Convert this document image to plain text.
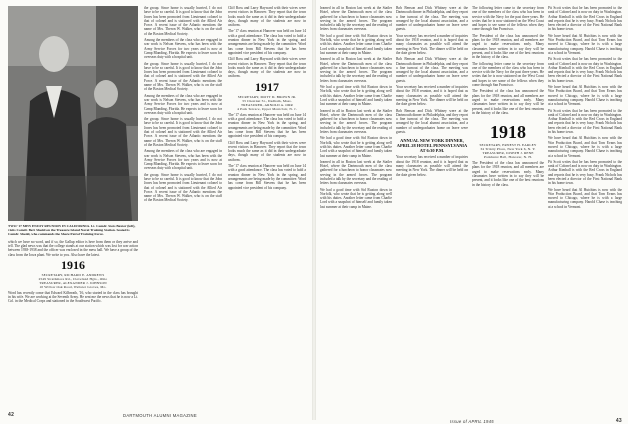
TWO '17 MEN ENJOY REUNION IN CALIFORNIA. Lt. Comdr. Stets Baxter (left), visits Comdr. Bert Shedd on the Treasure Island Naval Training Station. Seated is Comdr. Shedd, who commands the Shore Patrol Training Force.

which we have no word, and if so, the Gallup editor is here from them or they arrive and tell. The glad news was that the college stands at our station which was lost for war action between 1938-1938 and the officer was enclosed in the mess hall. We have a group of the class from the Iowa plant. We write to you. Also have the latest.

1916

SECRETARY, RICHARD E. ANDREWS

2549 Strathmore Rd., Cleveland Hgts., Ohio

TREASURER, ALEXANDER J. JOHNSON

10 Willow Oak Road, Webster Groves, Mo.

Word has recently come that Edward Kilbreath, '16, who started in the class has brought in his wife. We are working at the Seventh Army. He sent me the news that he is now a Lt. Col. in the Medical Corps and stationed in the Southwest Pacific.

the group. Since home is usually hurried, I do not have to be so careful. It is good to know that the John Jones has been promoted from Lieutenant colonel to that of colonel and is stationed with the Allied Air Force. A recent issue of the Atlantic mentions the name of Mrs. Theron W. Walker, who is on the staff of the Boston Medical Society.

Among the members of the class who are engaged in war work is Nelson Stevens, who has been with the Army Service Forces for two years and is now at Camp Blanding, Florida. He expects to leave soon for overseas duty with a hospital unit.

the group. Since home is usually hurried, I do not have to be so careful. It is good to know that the John Jones has been promoted from Lieutenant colonel to that of colonel and is stationed with the Allied Air Force. A recent issue of the Atlantic mentions the name of Mrs. Theron W. Walker, who is on the staff of the Boston Medical Society.

Among the members of the class who are engaged in war work is Nelson Stevens, who has been with the Army Service Forces for two years and is now at Camp Blanding, Florida. He expects to leave soon for overseas duty with a hospital unit.

the group. Since home is usually hurried, I do not have to be so careful. It is good to know that the John Jones has been promoted from Lieutenant colonel to that of colonel and is stationed with the Allied Air Force. A recent issue of the Atlantic mentions the name of Mrs. Theron W. Walker, who is on the staff of the Boston Medical Society.

Among the members of the class who are engaged in war work is Nelson Stevens, who has been with the Army Service Forces for two years and is now at Camp Blanding, Florida. He expects to leave soon for overseas duty with a hospital unit.

the group. Since home is usually hurried, I do not have to be so careful. It is good to know that the John Jones has been promoted from Lieutenant colonel to that of colonel and is stationed with the Allied Air Force. A recent issue of the Atlantic mentions the name of Mrs. Theron W. Walker, who is on the staff of the Boston Medical Society.

Cliff Ross and Larry Hayward with their wives were recent visitors in Hanover. They report that the town looks much the same as it did in their undergraduate days, though many of the students are now in uniform.

The '17 class reunion at Hanover was held on June 14 with a good attendance. The class has voted to hold a reunion dinner in New York in the spring, and arrangements are being made by the committee. Word has come from Bill Stevens that he has been appointed vice president of his company.

Cliff Ross and Larry Hayward with their wives were recent visitors in Hanover. They report that the town looks much the same as it did in their undergraduate days, though many of the students are now in uniform.

1917

SECRETARY, MOTT D. BROWN JR.

33 Chestnut St., Dedham, Mass.

TREASURER, ARNOLD A. ORR

4 Park Terrace, Upper Montclair, N. J.

The '17 class reunion at Hanover was held on June 14 with a good attendance. The class has voted to hold a reunion dinner in New York in the spring, and arrangements are being made by the committee. Word has come from Bill Stevens that he has been appointed vice president of his company.

Cliff Ross and Larry Hayward with their wives were recent visitors in Hanover. They report that the town looks much the same as it did in their undergraduate days, though many of the students are now in uniform.

The '17 class reunion at Hanover was held on June 14 with a good attendance. The class has voted to hold a reunion dinner in New York in the spring, and arrangements are being made by the committee. Word has come from Bill Stevens that he has been appointed vice president of his company.

42	DARTMOUTH ALUMNI MAGAZINE

learned in all in Boston last week at the Statler Hotel, where the Dartmouth men of the class gathered for a luncheon to honor classmates now serving in the armed forces. The program included a talk by the secretary and the reading of letters from classmates overseas.

We had a good time with Sid Ruxton down in Norfolk, who wrote that he is getting along well with his duties. Another letter came from Charlie Lord with a snapshot of himself and family taken last summer at their camp in Maine.

learned in all in Boston last week at the Statler Hotel, where the Dartmouth men of the class gathered for a luncheon to honor classmates now serving in the armed forces. The program included a talk by the secretary and the reading of letters from classmates overseas.

We had a good time with Sid Ruxton down in Norfolk, who wrote that he is getting along well with his duties. Another letter came from Charlie Lord with a snapshot of himself and family taken last summer at their camp in Maine.

learned in all in Boston last week at the Statler Hotel, where the Dartmouth men of the class gathered for a luncheon to honor classmates now serving in the armed forces. The program included a talk by the secretary and the reading of letters from classmates overseas.

We had a good time with Sid Ruxton down in Norfolk, who wrote that he is getting along well with his duties. Another letter came from Charlie Lord with a snapshot of himself and family taken last summer at their camp in Maine.

learned in all in Boston last week at the Statler Hotel, where the Dartmouth men of the class gathered for a luncheon to honor classmates now serving in the armed forces. The program included a talk by the secretary and the reading of letters from classmates overseas.

We had a good time with Sid Ruxton down in Norfolk, who wrote that he is getting along well with his duties. Another letter came from Charlie Lord with a snapshot of himself and family taken last summer at their camp in Maine.

Bob Benson and Dick Whitney were at the Dartmouth dinner in Philadelphia, and they report a fine turnout of the class. The meeting was arranged by the local alumni association, and a number of undergraduates home on leave were guests.

Your secretary has received a number of inquiries about the 1918 reunion, and it is hoped that as many classmates as possible will attend the meeting in New York. The dinner will be held on the date given below.

Bob Benson and Dick Whitney were at the Dartmouth dinner in Philadelphia, and they report a fine turnout of the class. The meeting was arranged by the local alumni association, and a number of undergraduates home on leave were guests.

Your secretary has received a number of inquiries about the 1918 reunion, and it is hoped that as many classmates as possible will attend the meeting in New York. The dinner will be held on the date given below.

Bob Benson and Dick Whitney were at the Dartmouth dinner in Philadelphia, and they report a fine turnout of the class. The meeting was arranged by the local alumni association, and a number of undergraduates home on leave were guests.

ANNUAL NEW YORK DINNER, APRIL 28 HOTEL PENNSYLVANIA AT 6:30 P.M.

Your secretary has received a number of inquiries about the 1918 reunion, and it is hoped that as many classmates as possible will attend the meeting in New York. The dinner will be held on the date given below.

The following letter came to the secretary from one of the members of the class who has been in service with the Navy for the past three years. He writes that he is now stationed on the West Coast and hopes to see some of the fellows when they come through San Francisco.

The President of the class has announced the plans for the 1918 reunion, and all members are urged to make reservations early. Many classmates have written in to say they will be present, and it looks like one of the best reunions in the history of the class.

The following letter came to the secretary from one of the members of the class who has been in service with the Navy for the past three years. He writes that he is now stationed on the West Coast and hopes to see some of the fellows when they come through San Francisco.

The President of the class has announced the plans for the 1918 reunion, and all members are urged to make reservations early. Many classmates have written in to say they will be present, and it looks like one of the best reunions in the history of the class.

1918

SECRETARY, ERNEST H. EARLEY

34 Trinity Place, New York 6, N. Y.

TREASURER, JOSEPH J. RENE

Parkhurst Hall, Hanover, N. H.

The President of the class has announced the plans for the 1918 reunion, and all members are urged to make reservations early. Many classmates have written in to say they will be present, and it looks like one of the best reunions in the history of the class.

Pit Scott writes that he has been promoted to the rank of Colonel and is now on duty in Washington. Arthur Kimball is with the Red Cross in England and reports that he is very busy. Frank Nichols has been elected a director of the First National Bank in his home town.

We have heard that Al Hutchins is now with the War Production Board, and that Tom Evans has moved to Chicago, where he is with a large manufacturing company. Harold Chase is teaching at a school in Vermont.

Pit Scott writes that he has been promoted to the rank of Colonel and is now on duty in Washington. Arthur Kimball is with the Red Cross in England and reports that he is very busy. Frank Nichols has been elected a director of the First National Bank in his home town.

We have heard that Al Hutchins is now with the War Production Board, and that Tom Evans has moved to Chicago, where he is with a large manufacturing company. Harold Chase is teaching at a school in Vermont.

Pit Scott writes that he has been promoted to the rank of Colonel and is now on duty in Washington. Arthur Kimball is with the Red Cross in England and reports that he is very busy. Frank Nichols has been elected a director of the First National Bank in his home town.

We have heard that Al Hutchins is now with the War Production Board, and that Tom Evans has moved to Chicago, where he is with a large manufacturing company. Harold Chase is teaching at a school in Vermont.

Pit Scott writes that he has been promoted to the rank of Colonel and is now on duty in Washington. Arthur Kimball is with the Red Cross in England and reports that he is very busy. Frank Nichols has been elected a director of the First National Bank in his home town.

We have heard that Al Hutchins is now with the War Production Board, and that Tom Evans has moved to Chicago, where he is with a large manufacturing company. Harold Chase is teaching at a school in Vermont.

Issue of APRIL 1945	43
